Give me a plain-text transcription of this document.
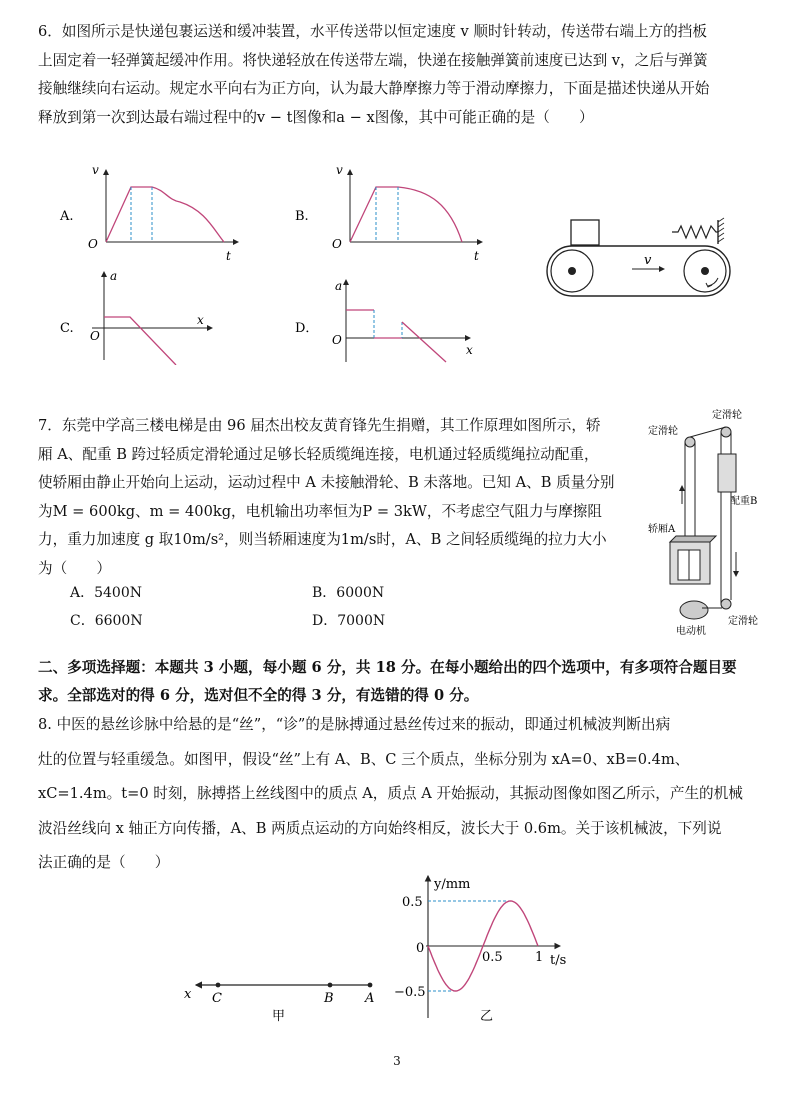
6．如图所示是快递包裹运送和缓冲装置，水平传送带以恒定速度 v 顺时针转动，传送带右端上方的挡板
上固定着一轻弹簧起缓冲作用。将快递轻放在传送带左端，快递在接触弹簧前速度已达到 v，之后与弹簧
接触继续向右运动。规定水平向右为正方向，认为最大静摩擦力等于滑动摩擦力，下面是描述快递从开始
释放到第一次到达最右端过程中的v − t图像和a − x图像，其中可能正确的是（　　）
A.
v
t
O
B.
v
t
O
C.
a
x
O	D．
a
x
O
v
7．东莞中学高三楼电梯是由 96 届杰出校友黄育锋先生捐赠，其工作原理如图所示，轿
厢 A、配重 B 跨过轻质定滑轮通过足够长轻质缆绳连接，电机通过轻质缆绳拉动配重，
使轿厢由静止开始向上运动，运动过程中 A 未接触滑轮、B 未落地。已知 A、B 质量分别
为M = 600kg、m = 400kg，电机输出功率恒为P = 3kW，不考虑空气阻力与摩擦阻
力，重力加速度 g 取10m/s²，则当轿厢速度为1m/s时，A、B 之间轻质缆绳的拉力大小
为（　　）
A．5400N	B．6000N
C．6600N	D．7000N
定滑轮
定滑轮
配重B
轿厢A
电动机
定滑轮
二、多项选择题：本题共 3 小题，每小题 6 分，共 18 分。在每小题给出的四个选项中，有多项符合题目要
求。全部选对的得 6 分，选对但不全的得 3 分，有选错的得 0 分。
8. 中医的悬丝诊脉中给悬的是“丝”，“诊”的是脉搏通过悬丝传过来的振动，即通过机械波判断出病
灶的位置与轻重缓急。如图甲，假设“丝”上有 A、B、C 三个质点，坐标分别为 xA=0、xB=0.4m、
xC=1.4m。t=0 时刻，脉搏搭上丝线图中的质点 A，质点 A 开始振动，其振动图像如图乙所示，产生的机械
波沿丝线向 x 轴正方向传播，A、B 两质点运动的方向始终相反，波长大于 0.6m。关于该机械波，下列说
法正确的是（　　）
x C	B A
甲
y/mm
t/s
0.5
0
−0.5
0.5 1
乙
3
